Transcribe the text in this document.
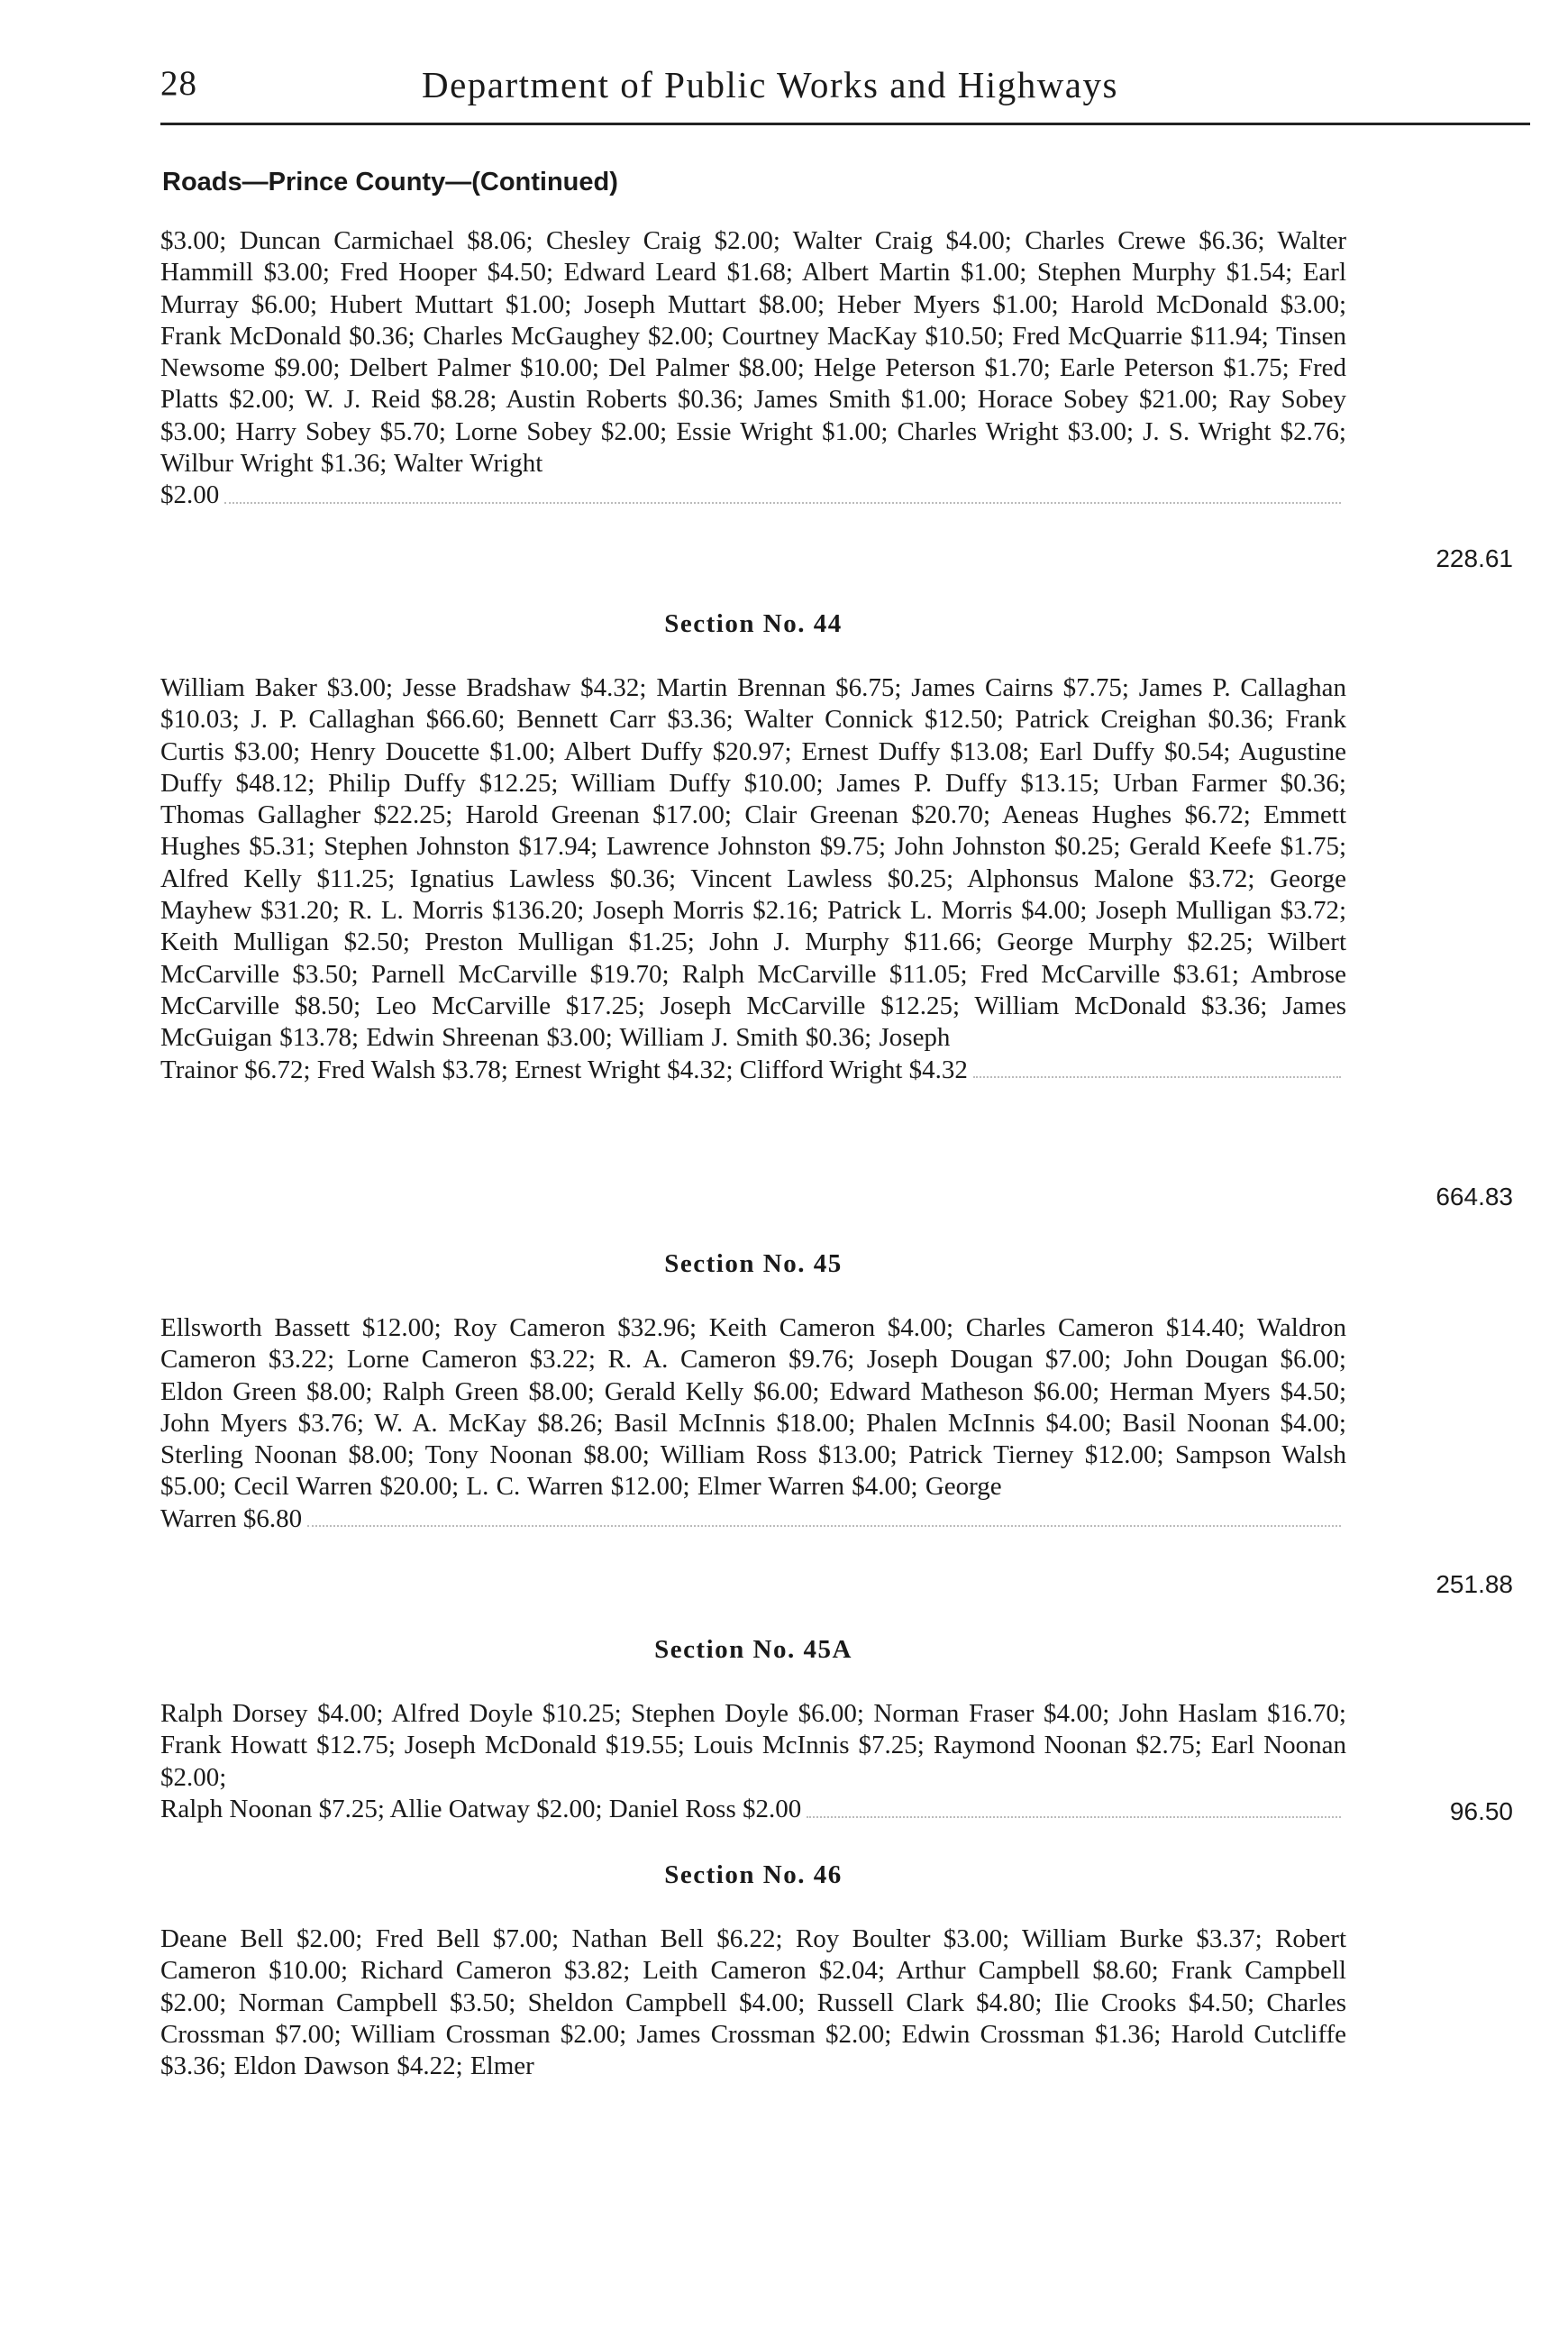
28	Department of Public Works and Highways
Roads—Prince County—(Continued)
$3.00; Duncan Carmichael $8.06; Chesley Craig $2.00; Walter Craig $4.00; Charles Crewe $6.36; Walter Hammill $3.00; Fred Hooper $4.50; Edward Leard $1.68; Albert Martin $1.00; Stephen Murphy $1.54; Earl Murray $6.00; Hubert Muttart $1.00; Joseph Muttart $8.00; Heber Myers $1.00; Harold McDonald $3.00; Frank McDonald $0.36; Charles McGaughey $2.00; Courtney MacKay $10.50; Fred McQuarrie $11.94; Tinsen Newsome $9.00; Delbert Palmer $10.00; Del Palmer $8.00; Helge Peterson $1.70; Earle Peterson $1.75; Fred Platts $2.00; W. J. Reid $8.28; Austin Roberts $0.36; James Smith $1.00; Horace Sobey $21.00; Ray Sobey $3.00; Harry Sobey $5.70; Lorne Sobey $2.00; Essie Wright $1.00; Charles Wright $3.00; J. S. Wright $2.76; Wilbur Wright $1.36; Walter Wright
$2.00
228.61
Section No. 44
William Baker $3.00; Jesse Bradshaw $4.32; Martin Brennan $6.75; James Cairns $7.75; James P. Callaghan $10.03; J. P. Callaghan $66.60; Bennett Carr $3.36; Walter Connick $12.50; Patrick Creighan $0.36; Frank Curtis $3.00; Henry Doucette $1.00; Albert Duffy $20.97; Ernest Duffy $13.08; Earl Duffy $0.54; Augustine Duffy $48.12; Philip Duffy $12.25; William Duffy $10.00; James P. Duffy $13.15; Urban Farmer $0.36; Thomas Gallagher $22.25; Harold Greenan $17.00; Clair Greenan $20.70; Aeneas Hughes $6.72; Emmett Hughes $5.31; Stephen Johnston $17.94; Lawrence Johnston $9.75; John Johnston $0.25; Gerald Keefe $1.75; Alfred Kelly $11.25; Ignatius Lawless $0.36; Vincent Lawless $0.25; Alphonsus Malone $3.72; George Mayhew $31.20; R. L. Morris $136.20; Joseph Morris $2.16; Patrick L. Morris $4.00; Joseph Mulligan $3.72; Keith Mulligan $2.50; Preston Mulligan $1.25; John J. Murphy $11.66; George Murphy $2.25; Wilbert McCarville $3.50; Parnell McCarville $19.70; Ralph McCarville $11.05; Fred McCarville $3.61; Ambrose McCarville $8.50; Leo McCarville $17.25; Joseph McCarville $12.25; William McDonald $3.36; James McGuigan $13.78; Edwin Shreenan $3.00; William J. Smith $0.36; Joseph
Trainor $6.72; Fred Walsh $3.78; Ernest Wright $4.32; Clifford Wright $4.32
664.83
Section No. 45
Ellsworth Bassett $12.00; Roy Cameron $32.96; Keith Cameron $4.00; Charles Cameron $14.40; Waldron Cameron $3.22; Lorne Cameron $3.22; R. A. Cameron $9.76; Joseph Dougan $7.00; John Dougan $6.00; Eldon Green $8.00; Ralph Green $8.00; Gerald Kelly $6.00; Edward Matheson $6.00; Herman Myers $4.50; John Myers $3.76; W. A. McKay $8.26; Basil McInnis $18.00; Phalen McInnis $4.00; Basil Noonan $4.00; Sterling Noonan $8.00; Tony Noonan $8.00; William Ross $13.00; Patrick Tierney $12.00; Sampson Walsh $5.00; Cecil Warren $20.00; L. C. Warren $12.00; Elmer Warren $4.00; George
Warren $6.80
251.88
Section No. 45A
Ralph Dorsey $4.00; Alfred Doyle $10.25; Stephen Doyle $6.00; Norman Fraser $4.00; John Haslam $16.70; Frank Howatt $12.75; Joseph McDonald $19.55; Louis McInnis $7.25; Raymond Noonan $2.75; Earl Noonan $2.00;
Ralph Noonan $7.25; Allie Oatway $2.00; Daniel Ross $2.00	96.50
Section No. 46
Deane Bell $2.00; Fred Bell $7.00; Nathan Bell $6.22; Roy Boulter $3.00; William Burke $3.37; Robert Cameron $10.00; Richard Cameron $3.82; Leith Cameron $2.04; Arthur Campbell $8.60; Frank Campbell $2.00; Norman Campbell $3.50; Sheldon Campbell $4.00; Russell Clark $4.80; Ilie Crooks $4.50; Charles Crossman $7.00; William Crossman $2.00; James Crossman $2.00; Edwin Crossman $1.36; Harold Cutcliffe $3.36; Eldon Dawson $4.22; Elmer
